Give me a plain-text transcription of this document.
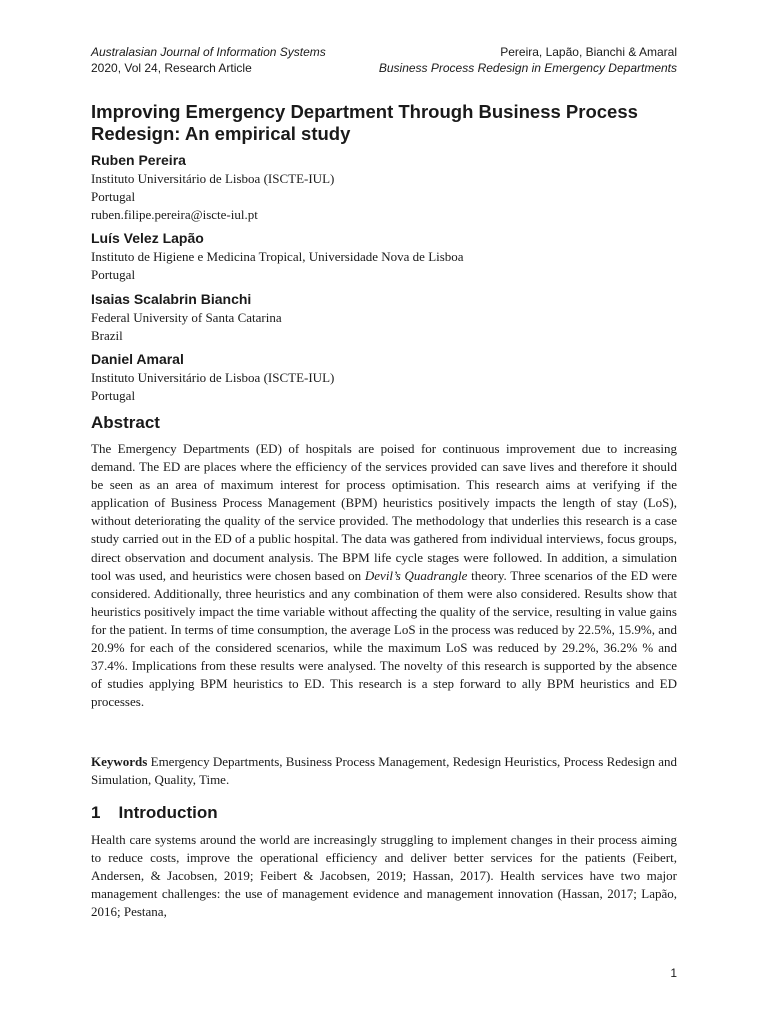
Australasian Journal of Information Systems
2020, Vol 24, Research Article
Pereira, Lapão, Bianchi & Amaral
Business Process Redesign in Emergency Departments
Improving Emergency Department Through Business Process Redesign: An empirical study
Ruben Pereira
Instituto Universitário de Lisboa (ISCTE-IUL)
Portugal
ruben.filipe.pereira@iscte-iul.pt
Luís Velez Lapão
Instituto de Higiene e Medicina Tropical, Universidade Nova de Lisboa
Portugal
Isaias Scalabrin Bianchi
Federal University of Santa Catarina
Brazil
Daniel Amaral
Instituto Universitário de Lisboa (ISCTE-IUL)
Portugal
Abstract
The Emergency Departments (ED) of hospitals are poised for continuous improvement due to increasing demand. The ED are places where the efficiency of the services provided can save lives and therefore it should be seen as an area of maximum interest for process optimisation. This research aims at verifying if the application of Business Process Management (BPM) heuristics positively impacts the length of stay (LoS), without deteriorating the quality of the service provided. The methodology that underlies this research is a case study carried out in the ED of a public hospital. The data was gathered from individual interviews, focus groups, direct observation and document analysis. The BPM life cycle stages were followed. In addition, a simulation tool was used, and heuristics were chosen based on Devil’s Quadrangle theory. Three scenarios of the ED were considered. Additionally, three heuristics and any combination of them were also considered. Results show that heuristics positively impact the time variable without affecting the quality of the service, resulting in value gains for the patient. In terms of time consumption, the average LoS in the process was reduced by 22.5%, 15.9%, and 20.9% for each of the considered scenarios, while the maximum LoS was reduced by 29.2%, 36.2% % and 37.4%. Implications from these results were analysed. The novelty of this research is supported by the absence of studies applying BPM heuristics to ED. This research is a step forward to ally BPM heuristics and ED processes.
Keywords Emergency Departments, Business Process Management, Redesign Heuristics, Process Redesign and Simulation, Quality, Time.
1 Introduction
Health care systems around the world are increasingly struggling to implement changes in their process aiming to reduce costs, improve the operational efficiency and deliver better services for the patients (Feibert, Andersen, & Jacobsen, 2019; Feibert & Jacobsen, 2019; Hassan, 2017). Health services have two major management challenges: the use of management evidence and management innovation (Hassan, 2017; Lapão, 2016; Pestana,
1
